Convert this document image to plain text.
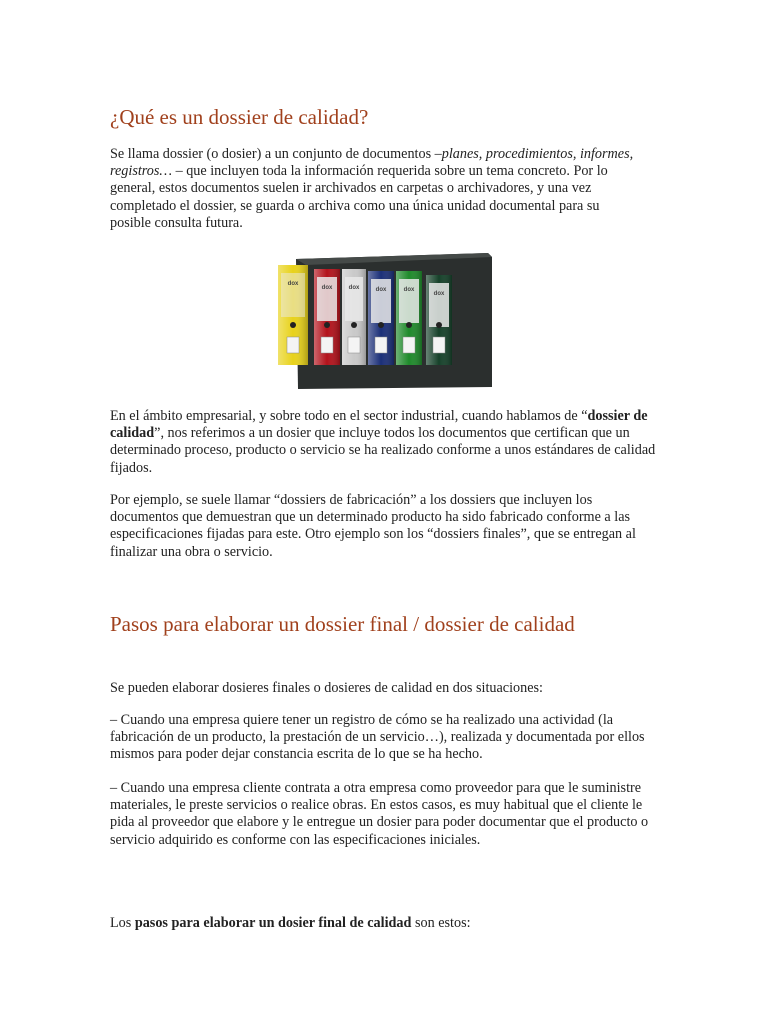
¿Qué es un dossier de calidad?

Se llama dossier (o dosier) a un conjunto de documentos –planes, procedimientos, informes, registros… – que incluyen toda la información requerida sobre un tema concreto. Por lo general, estos documentos suelen ir archivados en carpetas o archivadores, y una vez completado el dossier, se guarda o archiva como una única unidad documental para su posible consulta futura.

Pasos para elaborar un dossier final / dossier de calidad

En el ámbito empresarial, y sobre todo en el sector industrial, cuando hablamos de “dossier de calidad”, nos referimos a un dosier que incluye todos los documentos que certifican que un determinado proceso, producto o servicio se ha realizado conforme a unos estándares de calidad fijados.

Por ejemplo, se suele llamar “dossiers de fabricación” a los dossiers que incluyen los documentos que demuestran que un determinado producto ha sido fabricado conforme a las especificaciones fijadas para este. Otro ejemplo son los “dossiers finales”, que se entregan al finalizar una obra o servicio.

Se pueden elaborar dosieres finales o dosieres de calidad en dos situaciones:

– Cuando una empresa quiere tener un registro de cómo se ha realizado una actividad (la fabricación de un producto, la prestación de un servicio…), realizada y documentada por ellos mismos para poder dejar constancia escrita de lo que se ha hecho.

– Cuando una empresa cliente contrata a otra empresa como proveedor para que le suministre materiales, le preste servicios o realice obras. En estos casos, es muy habitual que el cliente le pida al proveedor que elabore y le entregue un dosier para poder documentar que el producto o servicio adquirido es conforme con las especificaciones iniciales.

Los pasos para elaborar un dosier final de calidad son estos:

dox
dox	dox	dox	dox
dox
